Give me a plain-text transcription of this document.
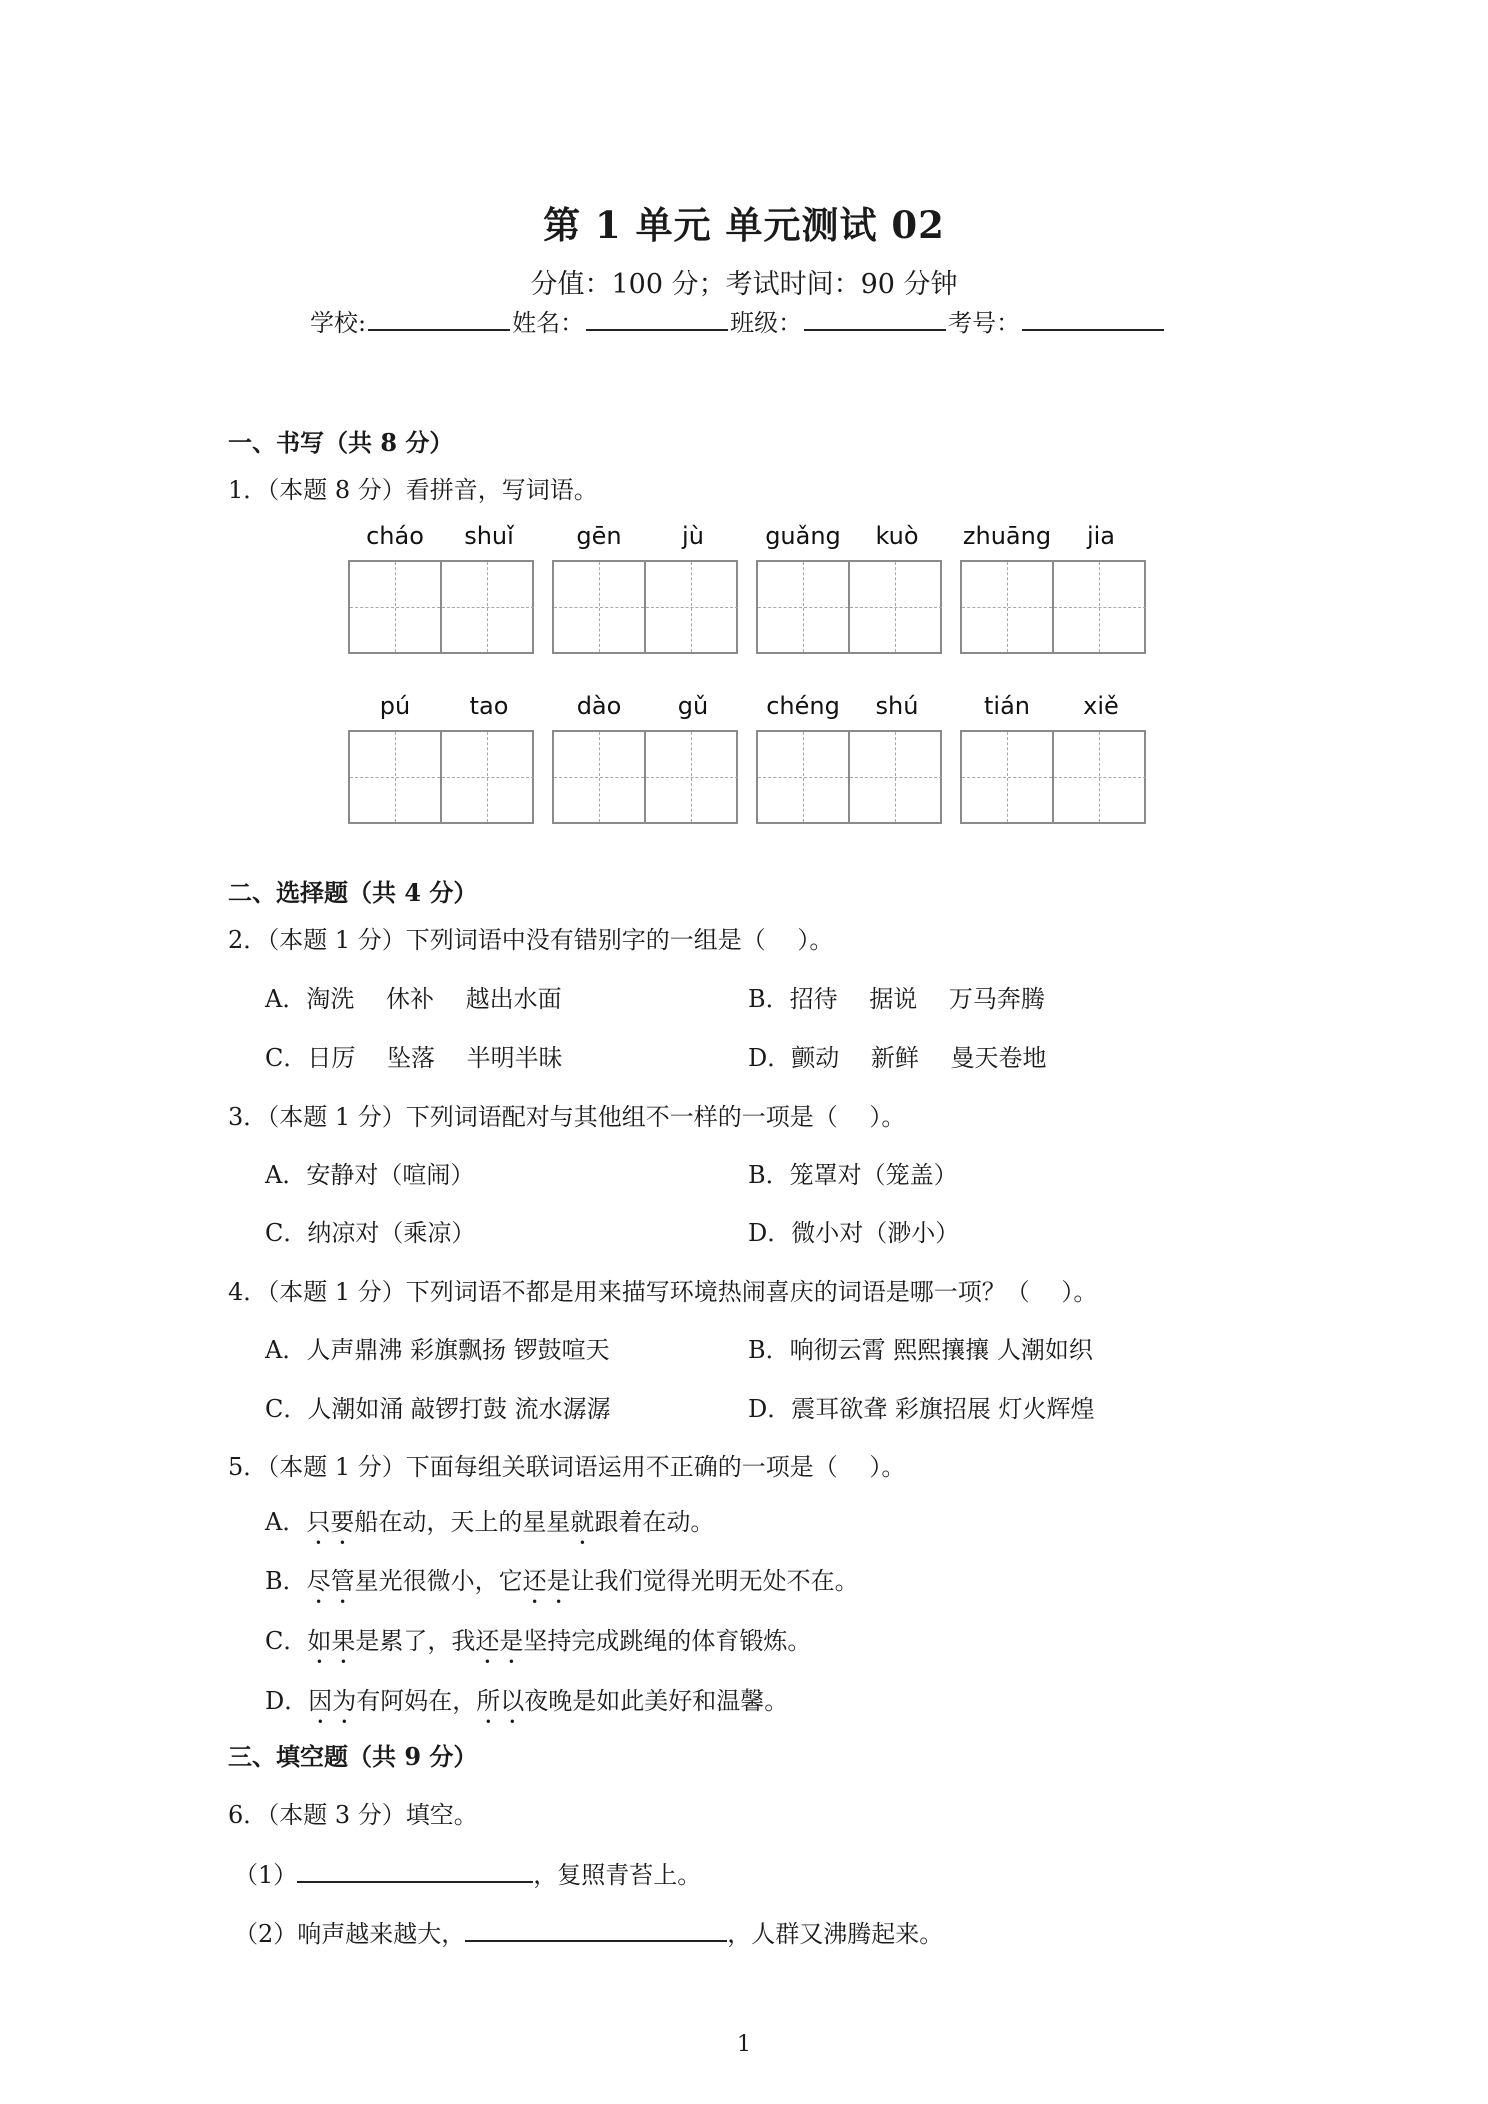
第 1 单元 单元测试 02
分值：100 分；考试时间：90 分钟
学校:	姓名：	班级：	考号：
一、书写（共 8 分）
1．（本题 8 分）看拼音，写词语。
cháo	shuǐ	gēn	jù	guǎng	kuò	zhuāng	jia
pú	tao	dào	gǔ	chéng	shú	tián	xiě
二、选择题（共 4 分）
2．（本题 1 分）下列词语中没有错别字的一组是（　 ）。
A．淘洗　 休补　 越出水面	B．招待　 据说　 万马奔腾
C．日厉　 坠落　 半明半昧	D．颤动　 新鲜　 曼天卷地
3．（本题 1 分）下列词语配对与其他组不一样的一项是（　 ）。
A．安静对（喧闹）	B．笼罩对（笼盖）
C．纳凉对（乘凉）	D．微小对（渺小）
4．（本题 1 分）下列词语不都是用来描写环境热闹喜庆的词语是哪一项？（　 ）。
A．人声鼎沸 彩旗飘扬 锣鼓喧天	B．响彻云霄 熙熙攘攘 人潮如织
C．人潮如涌 敲锣打鼓 流水潺潺	D．震耳欲聋 彩旗招展 灯火辉煌
5．（本题 1 分）下面每组关联词语运用不正确的一项是（　 ）。
A．只要船在动，天上的星星就跟着在动。
B．尽管星光很微小，它还是让我们觉得光明无处不在。
C．如果是累了，我还是坚持完成跳绳的体育锻炼。
D．因为有阿妈在，所以夜晚是如此美好和温馨。
三、填空题（共 9 分）
6．（本题 3 分）填空。
（1）	，复照青苔上。
（2）响声越来越大，	，人群又沸腾起来。
1
